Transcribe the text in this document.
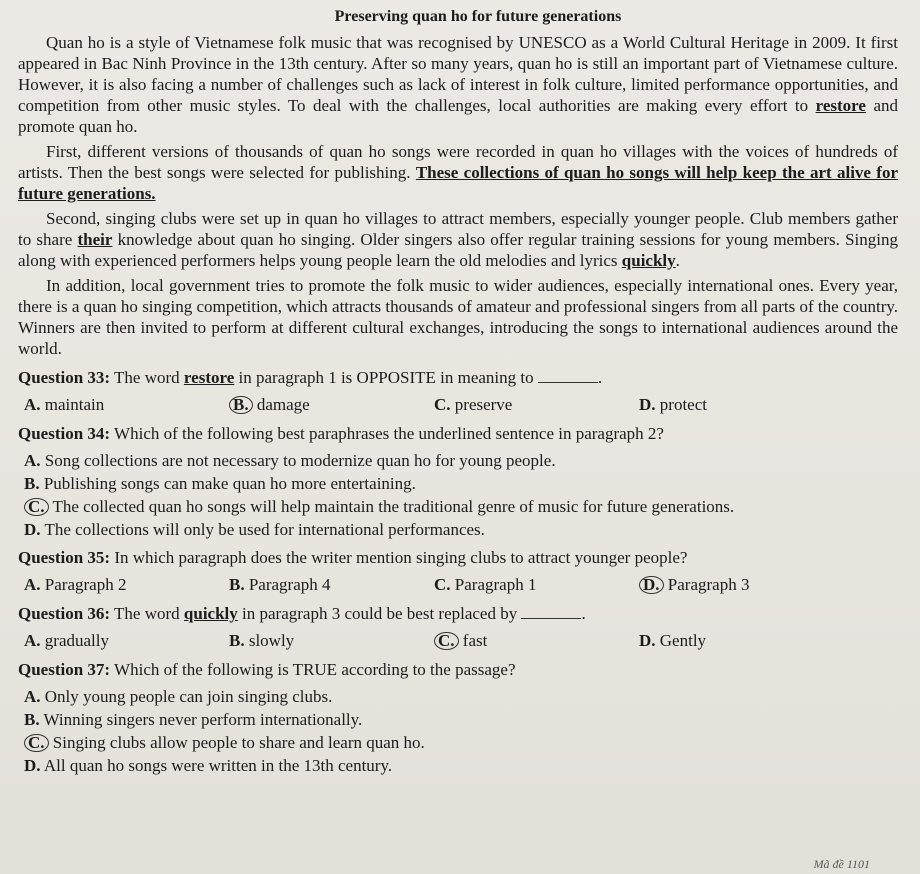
Preserving quan ho for future generations

Quan ho is a style of Vietnamese folk music that was recognised by UNESCO as a World Cultural Heritage in 2009. It first appeared in Bac Ninh Province in the 13th century. After so many years, quan ho is still an important part of Vietnamese culture. However, it is also facing a number of challenges such as lack of interest in folk culture, limited performance opportunities, and competition from other music styles. To deal with the challenges, local authorities are making every effort to restore and promote quan ho.

First, different versions of thousands of quan ho songs were recorded in quan ho villages with the voices of hundreds of artists. Then the best songs were selected for publishing. These collections of quan ho songs will help keep the art alive for future generations.

Second, singing clubs were set up in quan ho villages to attract members, especially younger people. Club members gather to share their knowledge about quan ho singing. Older singers also offer regular training sessions for young members. Singing along with experienced performers helps young people learn the old melodies and lyrics quickly.

In addition, local government tries to promote the folk music to wider audiences, especially international ones. Every year, there is a quan ho singing competition, which attracts thousands of amateur and professional singers from all parts of the country. Winners are then invited to perform at different cultural exchanges, introducing the songs to international audiences around the world.

Question 33: The word restore in paragraph 1 is OPPOSITE in meaning to	.
A. maintain	B. damage	C. preserve	D. protect
Question 34: Which of the following best paraphrases the underlined sentence in paragraph 2?
A. Song collections are not necessary to modernize quan ho for young people.
B. Publishing songs can make quan ho more entertaining.
C. The collected quan ho songs will help maintain the traditional genre of music for future generations.
D. The collections will only be used for international performances.
Question 35: In which paragraph does the writer mention singing clubs to attract younger people?
A. Paragraph 2	B. Paragraph 4	C. Paragraph 1	D. Paragraph 3
Question 36: The word quickly in paragraph 3 could be best replaced by	.
A. gradually	B. slowly	C. fast	D. Gently
Question 37: Which of the following is TRUE according to the passage?
A. Only young people can join singing clubs.
B. Winning singers never perform internationally.
C. Singing clubs allow people to share and learn quan ho.
D. All quan ho songs were written in the 13th century.
Mã đề 1101
